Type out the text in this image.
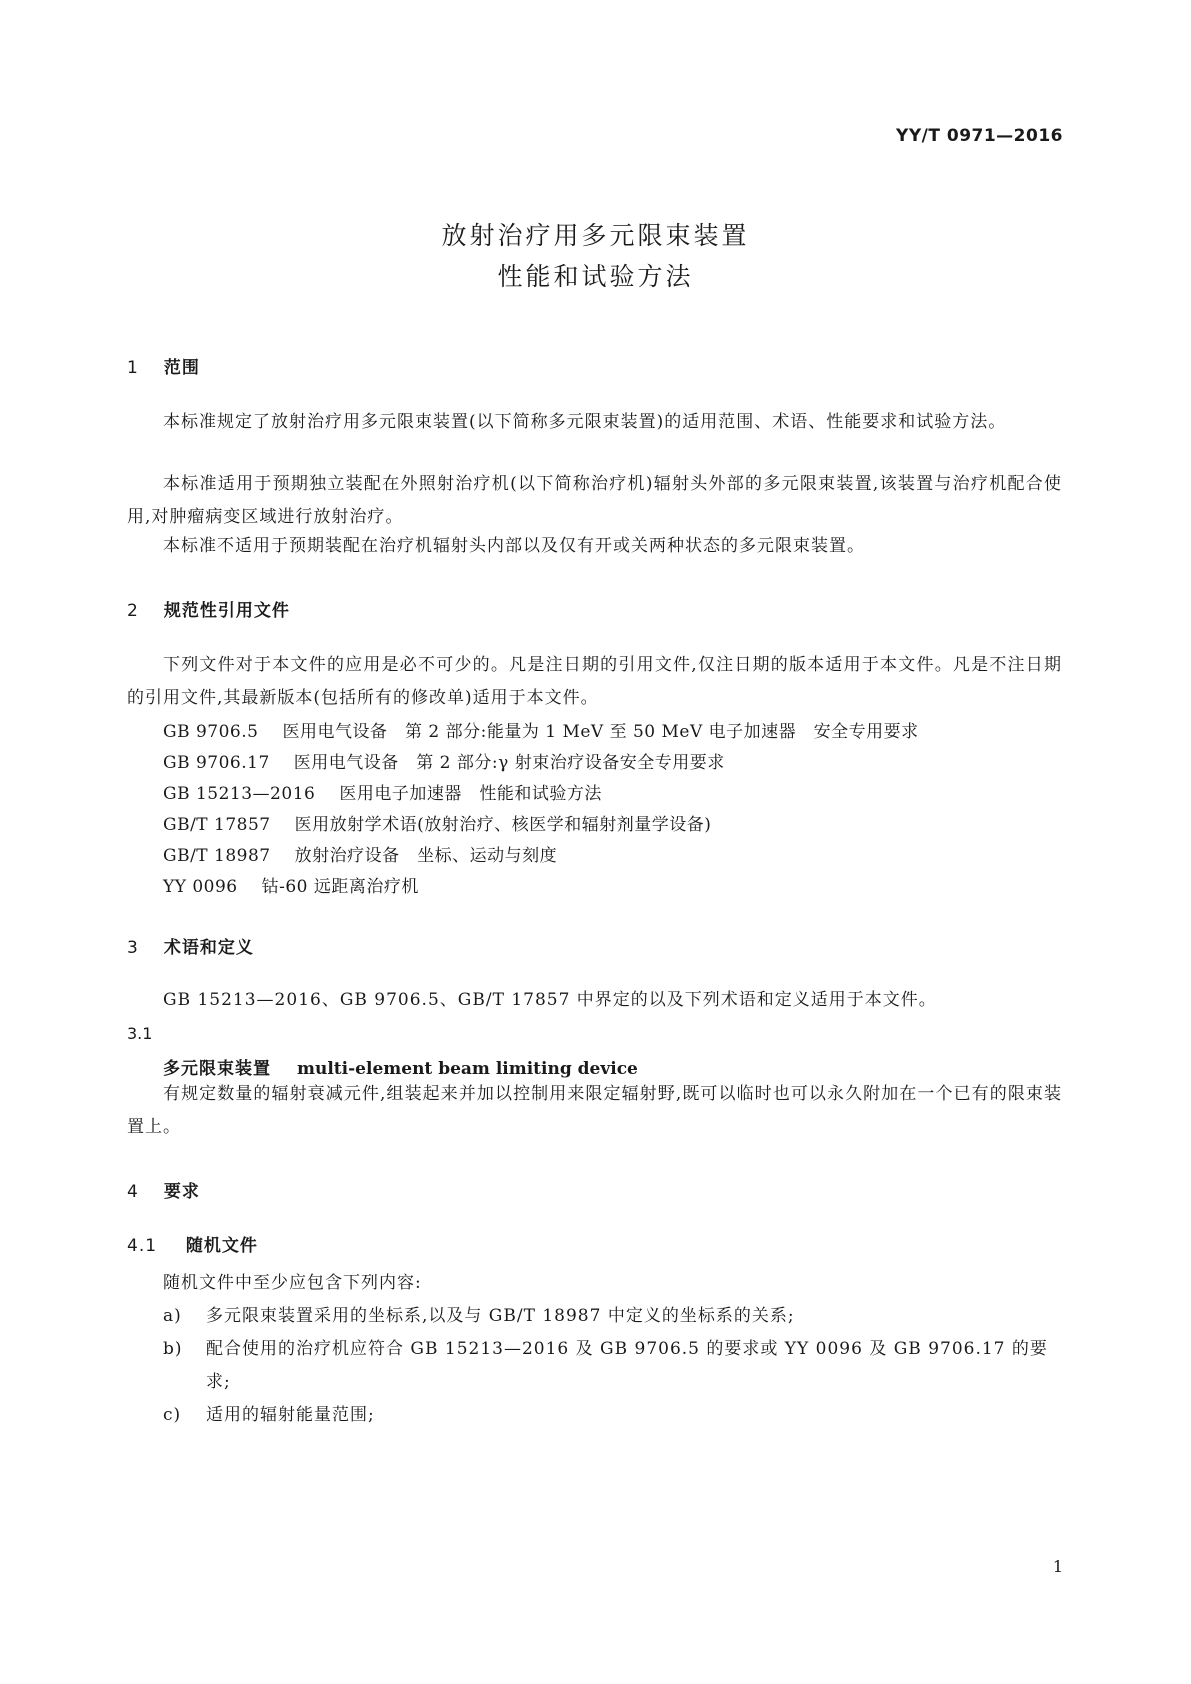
YY/T 0971—2016
放射治疗用多元限束装置
性能和试验方法
1 范围
本标准规定了放射治疗用多元限束装置(以下简称多元限束装置)的适用范围、术语、性能要求和试验方法。
本标准适用于预期独立装配在外照射治疗机(以下简称治疗机)辐射头外部的多元限束装置,该装置与治疗机配合使用,对肿瘤病变区域进行放射治疗。
本标准不适用于预期装配在治疗机辐射头内部以及仅有开或关两种状态的多元限束装置。
2 规范性引用文件
下列文件对于本文件的应用是必不可少的。凡是注日期的引用文件,仅注日期的版本适用于本文件。凡是不注日期的引用文件,其最新版本(包括所有的修改单)适用于本文件。
GB 9706.5 医用电气设备　第 2 部分:能量为 1 MeV 至 50 MeV 电子加速器　安全专用要求
GB 9706.17 医用电气设备　第 2 部分:γ 射束治疗设备安全专用要求
GB 15213—2016 医用电子加速器　性能和试验方法
GB/T 17857 医用放射学术语(放射治疗、核医学和辐射剂量学设备)
GB/T 18987 放射治疗设备　坐标、运动与刻度
YY 0096 钴-60 远距离治疗机
3 术语和定义
GB 15213—2016、GB 9706.5、GB/T 17857 中界定的以及下列术语和定义适用于本文件。
3.1
多元限束装置 multi-element beam limiting device
有规定数量的辐射衰减元件,组装起来并加以控制用来限定辐射野,既可以临时也可以永久附加在一个已有的限束装置上。
4 要求
4.1 随机文件
随机文件中至少应包含下列内容:
a) 多元限束装置采用的坐标系,以及与 GB/T 18987 中定义的坐标系的关系;
b) 配合使用的治疗机应符合 GB 15213—2016 及 GB 9706.5 的要求或 YY 0096 及 GB 9706.17 的要求;
c) 适用的辐射能量范围;
1
